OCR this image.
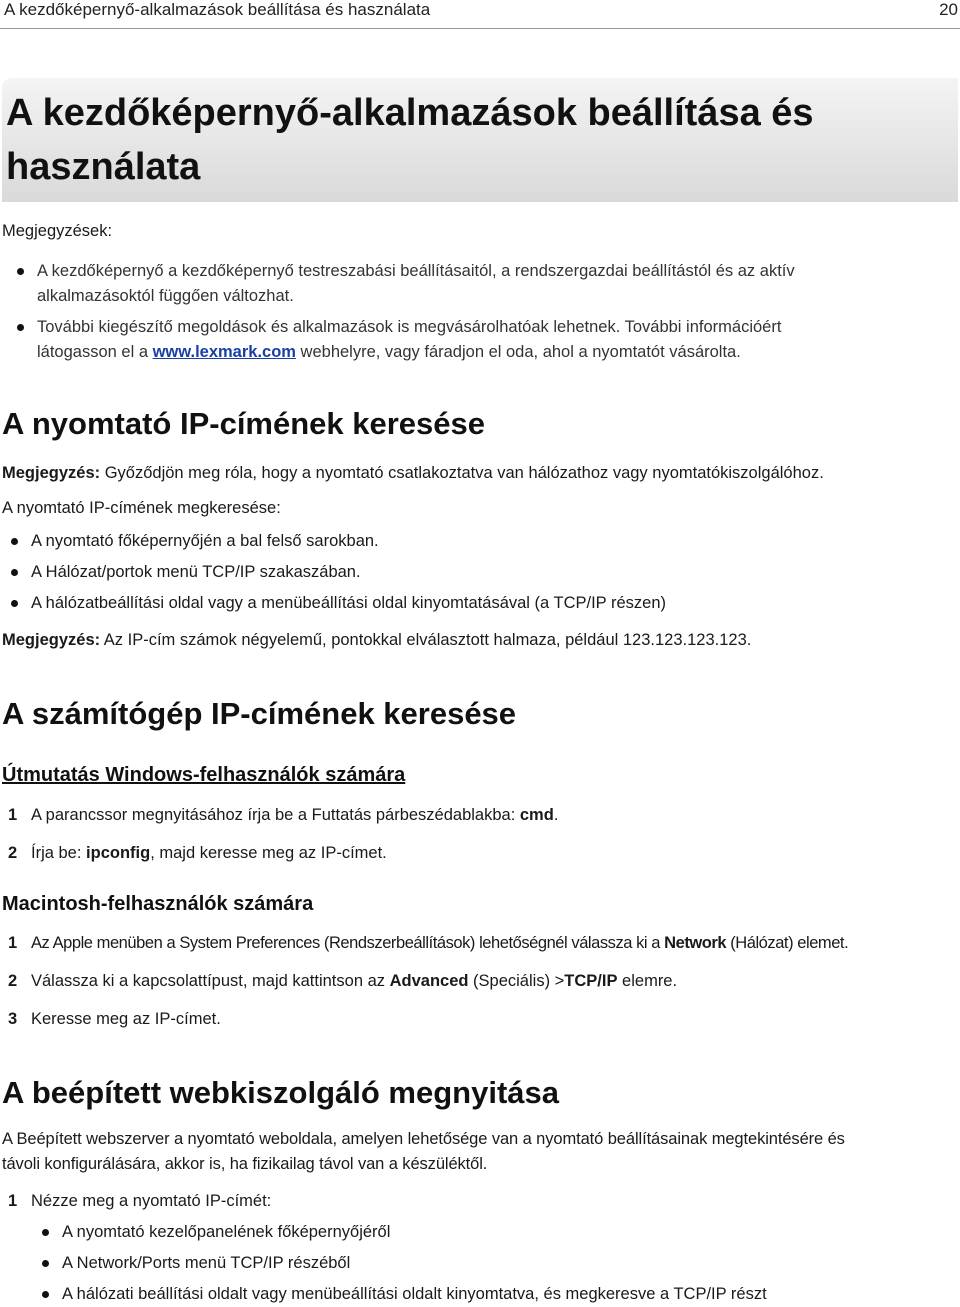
A kezdőképernyő-alkalmazások beállítása és használata	20
A kezdőképernyő-alkalmazások beállítása és
használata
Megjegyzések:
A kezdőképernyő a kezdőképernyő testreszabási beállításaitól, a rendszergazdai beállítástól és az aktív
alkalmazásoktól függően változhat.
További kiegészítő megoldások és alkalmazások is megvásárolhatóak lehetnek. További információért
látogasson el a www.lexmark.com webhelyre, vagy fáradjon el oda, ahol a nyomtatót vásárolta.
A nyomtató IP-címének keresése
Megjegyzés: Győződjön meg róla, hogy a nyomtató csatlakoztatva van hálózathoz vagy nyomtatókiszolgálóhoz.
A nyomtató IP-címének megkeresése:
A nyomtató főképernyőjén a bal felső sarokban.
A Hálózat/portok menü TCP/IP szakaszában.
A hálózatbeállítási oldal vagy a menübeállítási oldal kinyomtatásával (a TCP/IP részen)
Megjegyzés: Az IP-cím számok négyelemű, pontokkal elválasztott halmaza, például 123.123.123.123.
A számítógép IP-címének keresése
Útmutatás Windows-felhasználók számára
1 A parancssor megnyitásához írja be a Futtatás párbeszédablakba: cmd.
2 Írja be: ipconfig, majd keresse meg az IP-címet.
Macintosh-felhasználók számára
1 Az Apple menüben a System Preferences (Rendszerbeállítások) lehetőségnél válassza ki a Network (Hálózat) elemet.
2 Válassza ki a kapcsolattípust, majd kattintson az Advanced (Speciális) >TCP/IP elemre.
3 Keresse meg az IP-címet.
A beépített webkiszolgáló megnyitása
A Beépített webszerver a nyomtató weboldala, amelyen lehetősége van a nyomtató beállításainak megtekintésére és
távoli konfigurálására, akkor is, ha fizikailag távol van a készüléktől.
1 Nézze meg a nyomtató IP-címét:
A nyomtató kezelőpanelének főképernyőjéről
A Network/Ports menü TCP/IP részéből
A hálózati beállítási oldalt vagy menübeállítási oldalt kinyomtatva, és megkeresve a TCP/IP részt
